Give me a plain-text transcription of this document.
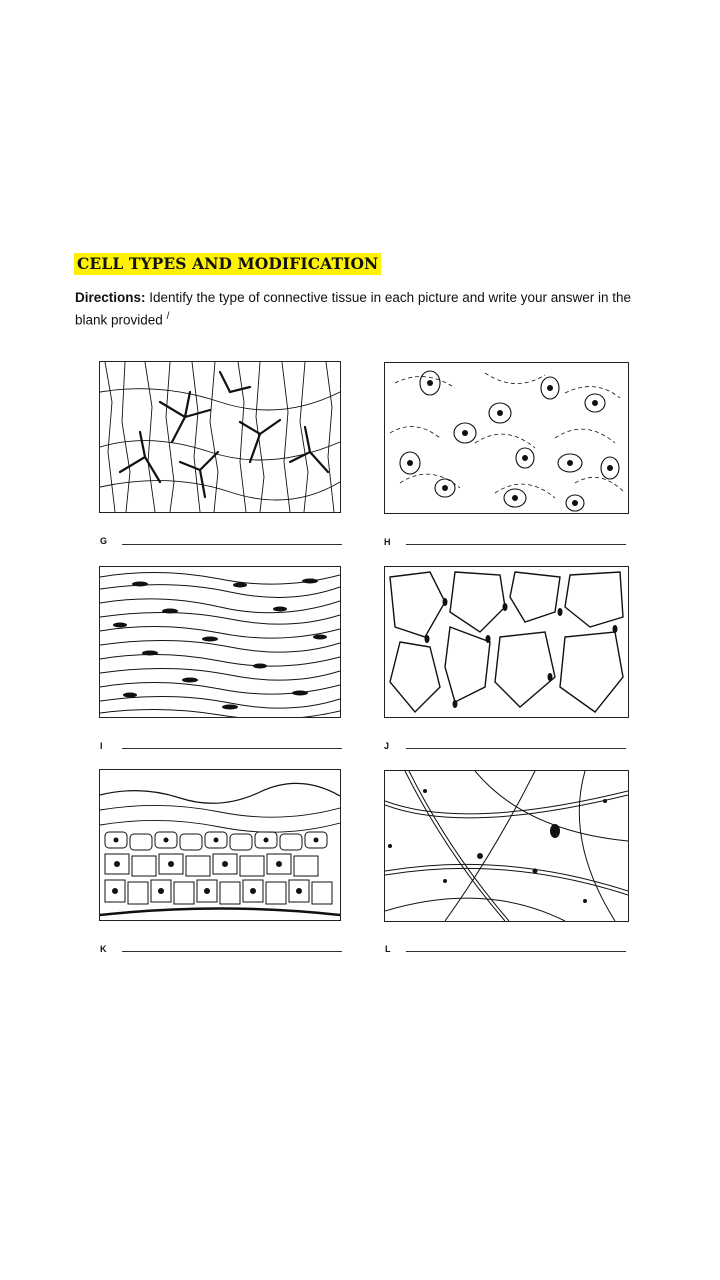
CELL TYPES AND MODIFICATION
Directions: Identify the type of connective tissue in each picture and write your answer in the blank provided /
G	H
I	J
K	L
